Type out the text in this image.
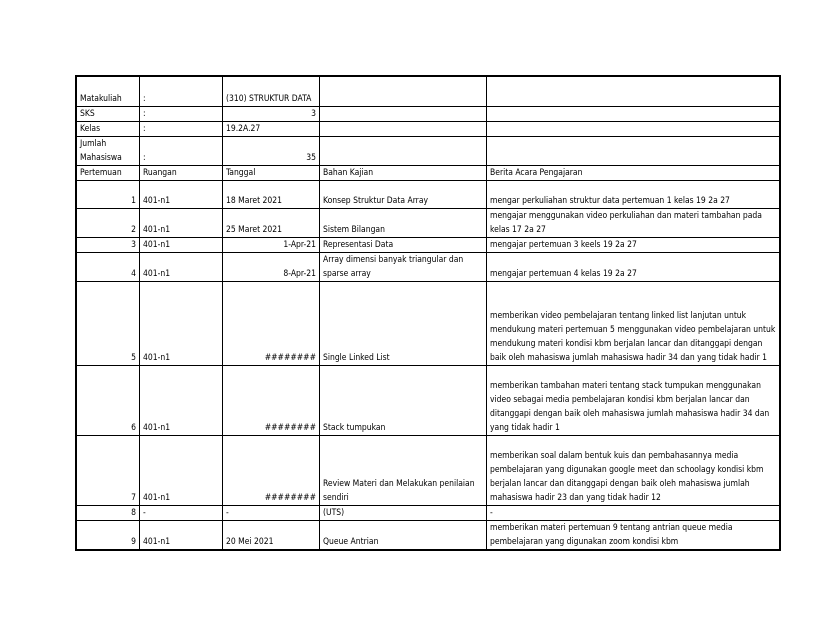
Matakuliah	:	(310) STRUKTUR DATA		
SKS	:	3		
Kelas	:	19.2A.27		
Jumlah Mahasiswa	:	35		
Pertemuan	Ruangan	Tanggal	Bahan Kajian	Berita Acara Pengajaran
1	401-n1	18 Maret 2021	Konsep Struktur Data Array	mengar perkuliahan struktur data pertemuan 1 kelas 19 2a 27
2	401-n1	25 Maret 2021	Sistem Bilangan	mengajar menggunakan video perkuliahan dan materi tambahan pada kelas 17 2a 27
3	401-n1	1-Apr-21	Representasi Data	mengajar pertemuan 3 keels 19 2a 27
4	401-n1	8-Apr-21	Array dimensi banyak triangular dan sparse array	mengajar pertemuan 4 kelas 19 2a 27
5	401-n1	########	Single Linked List	memberikan video pembelajaran tentang linked list lanjutan untuk mendukung materi pertemuan 5 menggunakan video pembelajaran untuk mendukung materi kondisi kbm berjalan lancar dan ditanggapi dengan baik oleh mahasiswa jumlah mahasiswa hadir 34 dan yang tidak hadir 1
6	401-n1	########	Stack tumpukan	memberikan tambahan materi tentang stack tumpukan menggunakan video sebagai media pembelajaran kondisi kbm berjalan lancar dan ditanggapi dengan baik oleh mahasiswa jumlah mahasiswa hadir 34 dan yang tidak hadir 1
7	401-n1	########	Review Materi dan Melakukan penilaian sendiri	memberikan soal dalam bentuk kuis dan pembahasannya media pembelajaran yang digunakan google meet dan schoolagy kondisi kbm berjalan lancar dan ditanggapi dengan baik oleh mahasiswa jumlah mahasiswa hadir 23 dan yang tidak hadir 12
8	-	-	(UTS)	-
9	401-n1	20 Mei 2021	Queue Antrian	memberikan materi pertemuan 9 tentang antrian queue media pembelajaran yang digunakan zoom kondisi kbm
